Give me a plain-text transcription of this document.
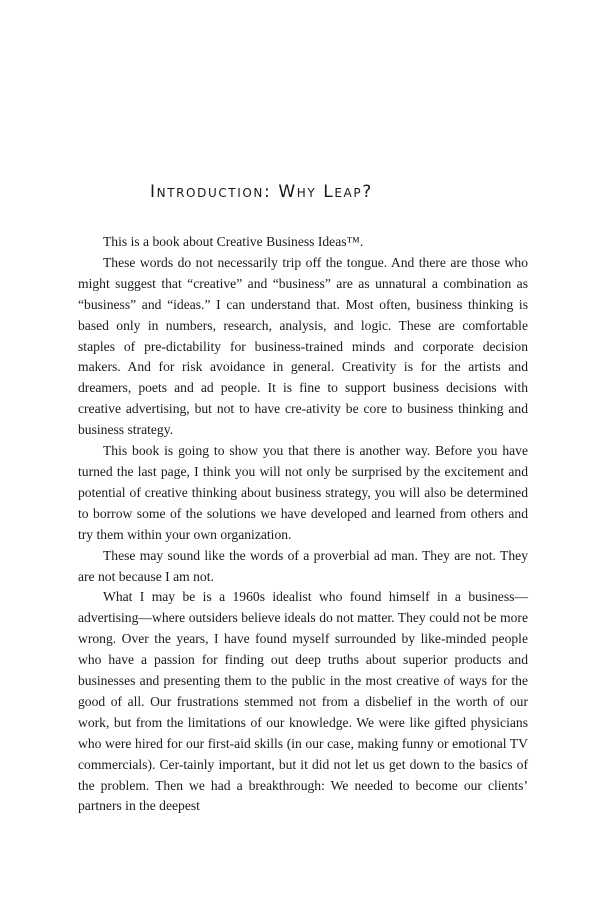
Introduction: Why Leap?

This is a book about Creative Business Ideas™.

These words do not necessarily trip off the tongue. And there are those who might suggest that “creative” and “business” are as unnatural a combination as “business” and “ideas.” I can understand that. Most often, business thinking is based only in numbers, research, analysis, and logic. These are comfortable staples of pre-dictability for business-trained minds and corporate decision makers. And for risk avoidance in general. Creativity is for the artists and dreamers, poets and ad people. It is fine to support business decisions with creative advertising, but not to have cre-ativity be core to business thinking and business strategy.

This book is going to show you that there is another way. Before you have turned the last page, I think you will not only be surprised by the excitement and potential of creative thinking about business strategy, you will also be determined to borrow some of the solutions we have developed and learned from others and try them within your own organization.

These may sound like the words of a proverbial ad man. They are not. They are not because I am not.

What I may be is a 1960s idealist who found himself in a business—advertising—where outsiders believe ideals do not matter. They could not be more wrong. Over the years, I have found myself surrounded by like-minded people who have a passion for finding out deep truths about superior products and businesses and presenting them to the public in the most creative of ways for the good of all. Our frustrations stemmed not from a disbelief in the worth of our work, but from the limitations of our knowledge. We were like gifted physicians who were hired for our first-aid skills (in our case, making funny or emotional TV commercials). Cer-tainly important, but it did not let us get down to the basics of the problem. Then we had a breakthrough: We needed to become our clients’ partners in the deepest
